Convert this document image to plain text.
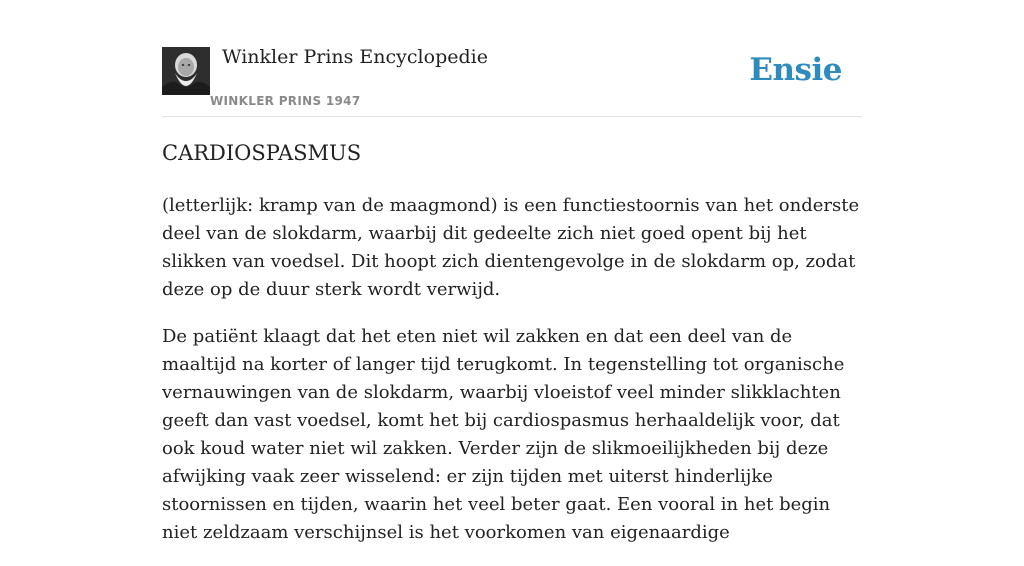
Winkler Prins Encyclopedie
WINKLER PRINS 1947
Ensie
CARDIOSPASMUS

(letterlijk: kramp van de maagmond) is een functiestoornis van het onderste deel van de slokdarm, waarbij dit gedeelte zich niet goed opent bij het slikken van voedsel. Dit hoopt zich dientengevolge in de slokdarm op, zodat deze op de duur sterk wordt verwijd.

De patiënt klaagt dat het eten niet wil zakken en dat een deel van de maaltijd na korter of langer tijd terugkomt. In tegenstelling tot organische vernauwingen van de slokdarm, waarbij vloeistof veel minder slikklachten geeft dan vast voedsel, komt het bij cardiospasmus herhaaldelijk voor, dat ook koud water niet wil zakken. Verder zijn de slikmoeilijkheden bij deze afwijking vaak zeer wisselend: er zijn tijden met uiterst hinderlijke stoornissen en tijden, waarin het veel beter gaat. Een vooral in het begin niet zeldzaam verschijnsel is het voorkomen van eigenaardige
